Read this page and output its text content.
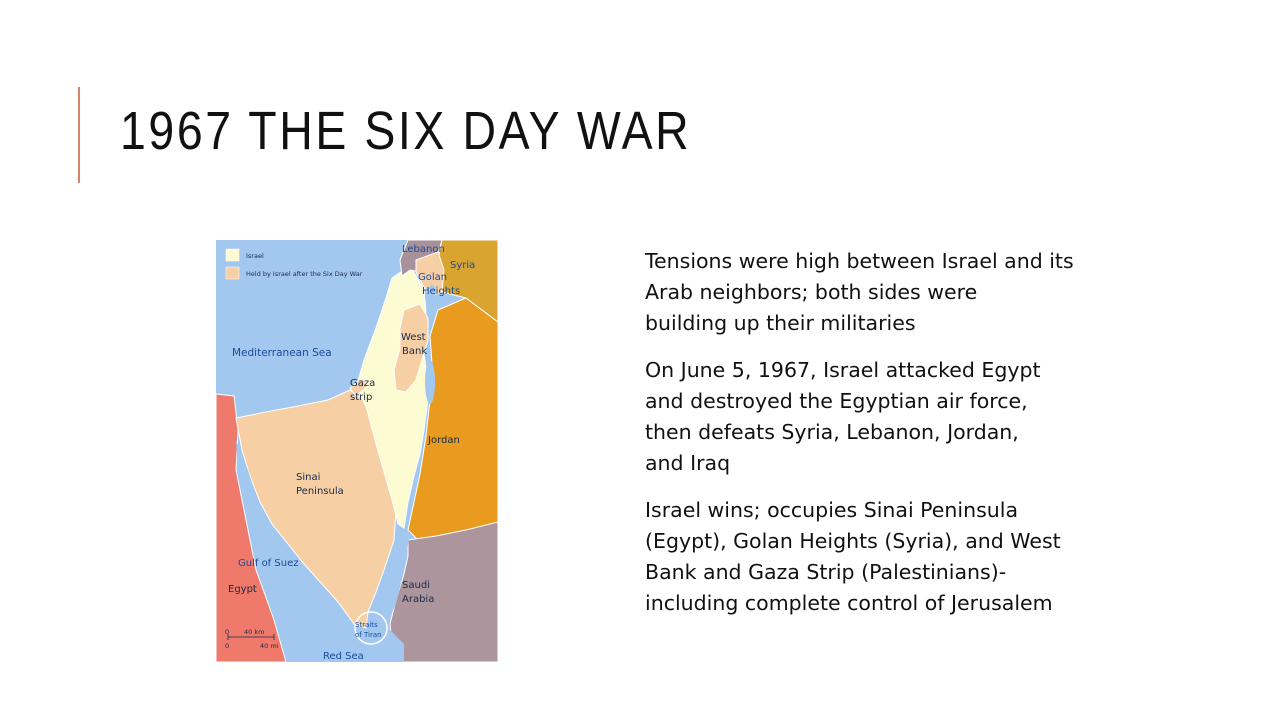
1967 THE SIX DAY WAR
Israel
Held by Israel after the Six Day War
Lebanon
Syria
Golan
Heights
West
Bank
Mediterranean Sea
Gaza
strip
Jordan
Sinai
Peninsula
Gulf of Suez
Egypt	Saudi
Arabia
Straits
of Tiran
Red Sea
0 40 km
0	40 mi

Tensions were high between Israel and its
Arab neighbors; both sides were
building up their militaries

On June 5, 1967, Israel attacked Egypt
and destroyed the Egyptian air force,
then defeats Syria, Lebanon, Jordan,
and Iraq

Israel wins; occupies Sinai Peninsula
(Egypt), Golan Heights (Syria), and West
Bank and Gaza Strip (Palestinians)-
including complete control of Jerusalem
